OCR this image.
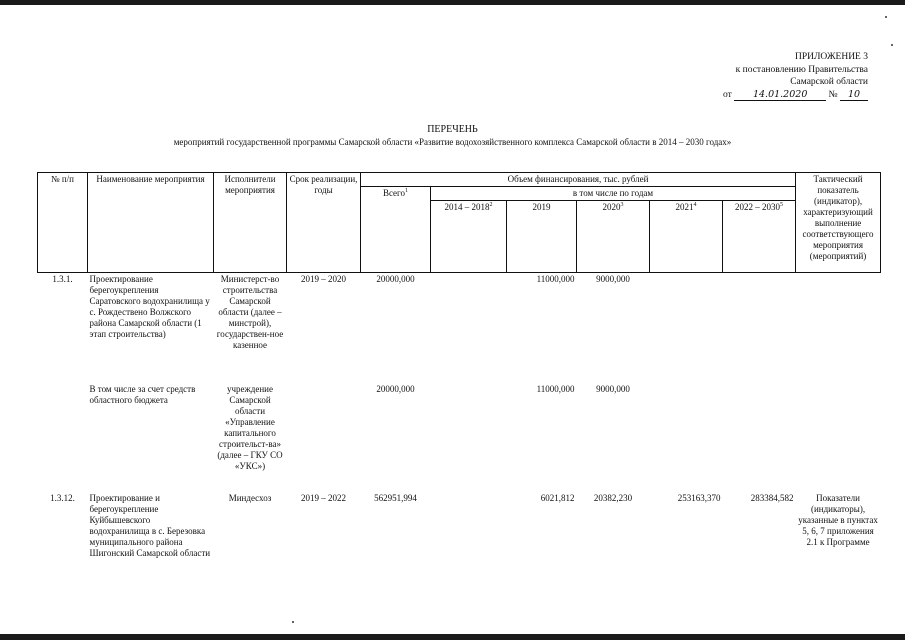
ПРИЛОЖЕНИЕ 3
к постановлению Правительства
Самарской области
от 14.01.2020 № 10
ПЕРЕЧЕНЬ
мероприятий государственной программы Самарской области «Развитие водохозяйственного комплекса Самарской области в 2014 – 2030 годах»
№ п/п	Наименование мероприятия	Исполнители мероприятия	Срок реализации, годы	Объем финансирования, тыс. рублей						Тактический показатель (индикатор), характеризующий выполнение соответствующего мероприятия (мероприятий)
				Всего$^1$	в том числе по годам					
					2014 – 2018$^2$	2019	2020$^3$	2021$^4$	2022 – 2030$^5$
1.3.1.	Проектирование берегоукрепления Саратовского водохранилища у с. Рождествено Волжского района Самарской области (1 этап строительства)	Министерст-во строительства Самарской области (далее – минстрой), государствен-ное казенное	2019 – 2020	20000,000		11000,000	9000,000			
	В том числе за счет средств областного бюджета	учреждение Самарской области «Управление капитального строительст-ва» (далее – ГКУ СО «УКС»)		20000,000		11000,000	9000,000			
1.3.12.	Проектирование и берегоукрепление Куйбышевского водохранилища в с. Березовка муниципального района Шигонский Самарской области	Миндесхоз	2019 – 2022	562951,994		6021,812	20382,230	253163,370	283384,582	Показатели (индикаторы), указанные в пунктах 5, 6, 7 приложения 2.1 к Программе
